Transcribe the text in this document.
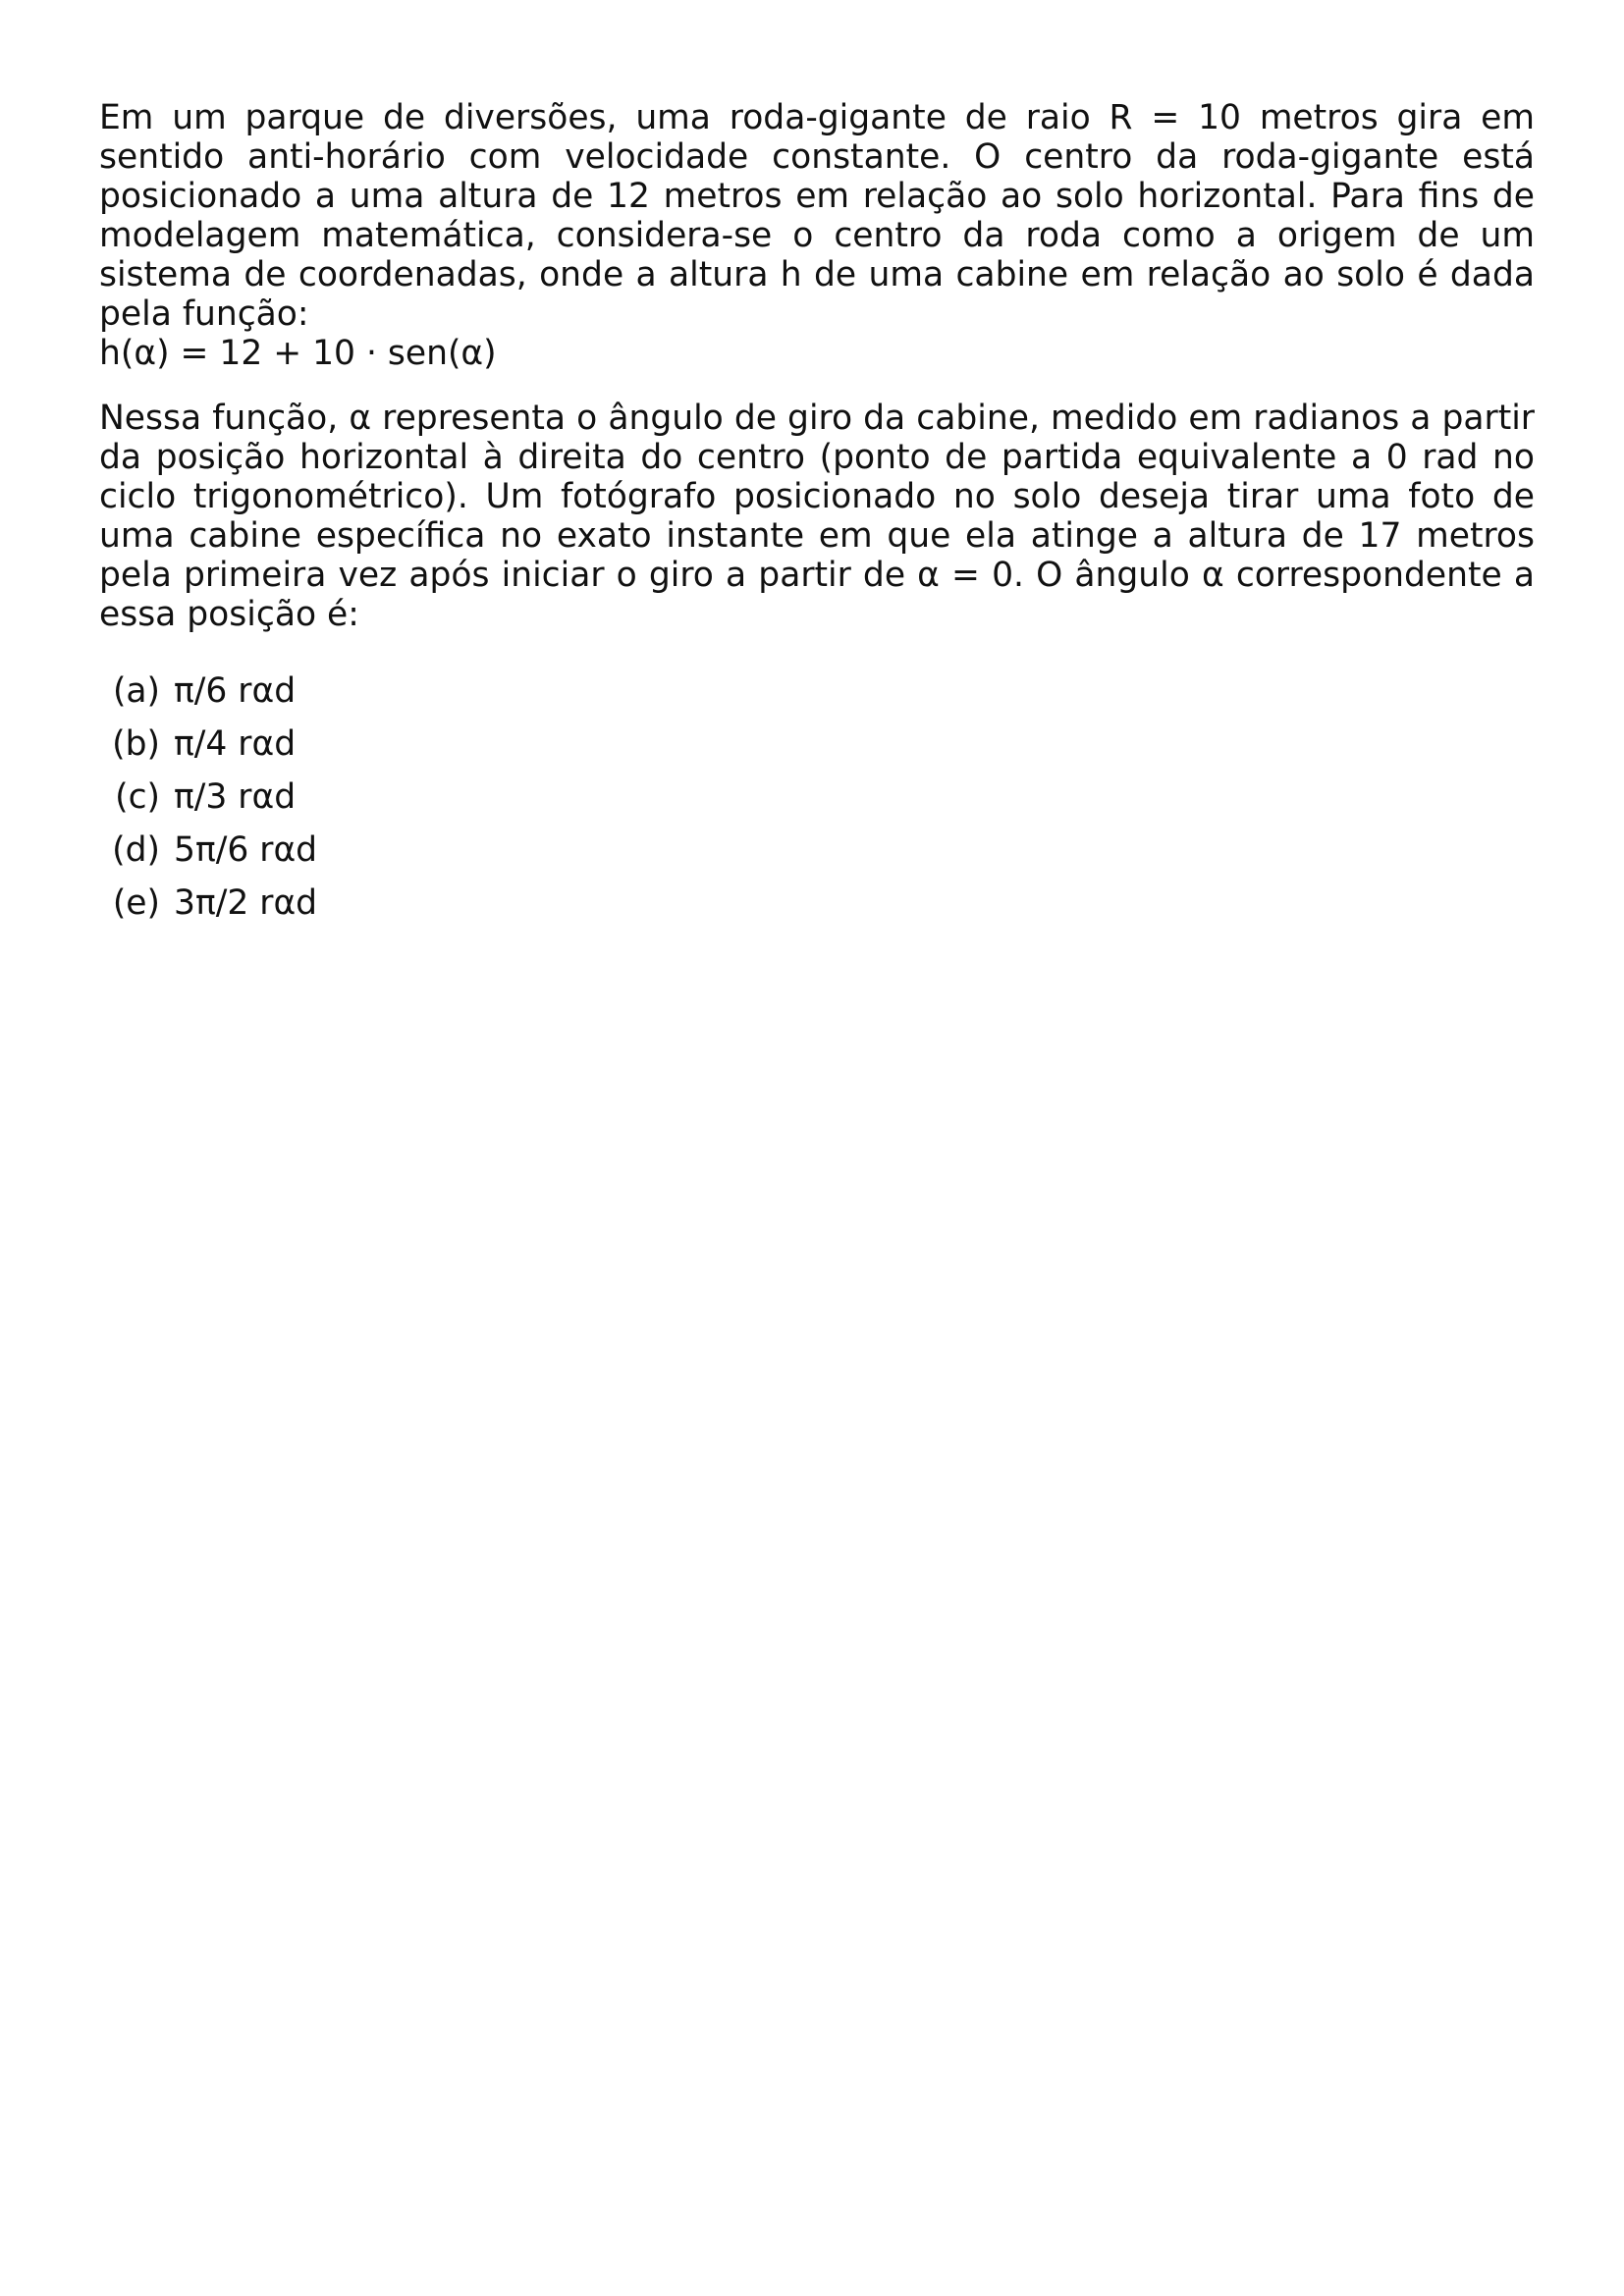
Em um parque de diversões, uma roda-gigante de raio R = 10 metros gira em sentido anti-horário com velocidade constante. O centro da roda-gigante está posicionado a uma altura de 12 metros em relação ao solo horizontal. Para fins de modelagem matemática, considera-se o centro da roda como a origem de um sistema de coordenadas, onde a altura h de uma cabine em relação ao solo é dada pela função:
h(α) = 12 + 10 · sen(α)

Nessa função, α representa o ângulo de giro da cabine, medido em radianos a partir da posição horizontal à direita do centro (ponto de partida equivalente a 0 rad no ciclo trigonométrico). Um fotógrafo posicionado no solo deseja tirar uma foto de uma cabine específica no exato instante em que ela atinge a altura de 17 metros pela primeira vez após iniciar o giro a partir de α = 0. O ângulo α correspondente a essa posição é:

(a) π/6 rαd
(b) π/4 rαd
(c) π/3 rαd
(d) 5π/6 rαd
(e) 3π/2 rαd
